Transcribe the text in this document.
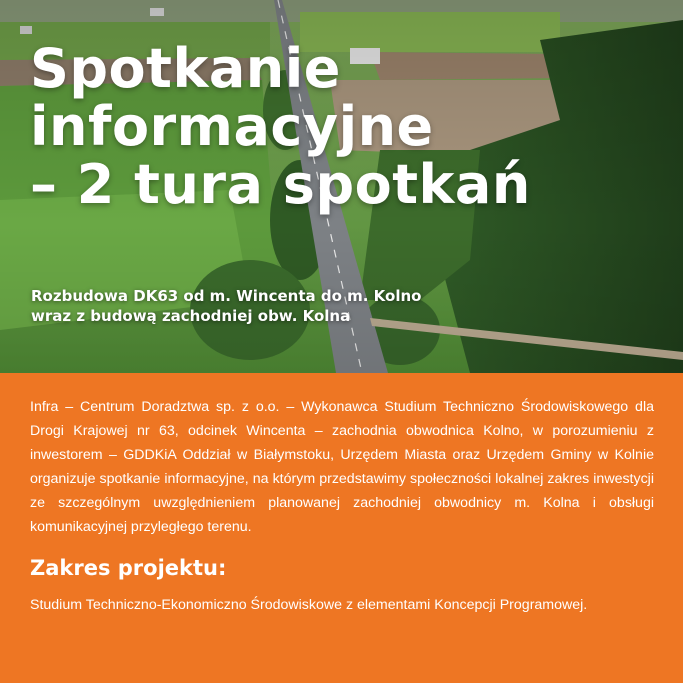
Spotkanie
informacyjne
– 2 tura spotkań

Rozbudowa DK63 od m. Wincenta do m. Kolno
wraz z budową zachodniej obw. Kolna

Infra – Centrum Doradztwa sp. z o.o. – Wykonawca Studium Techniczno Środowiskowego dla Drogi Krajowej nr 63, odcinek Wincenta – zachodnia obwodnica Kolno, w porozumieniu z inwestorem – GDDKiA Oddział w Białymstoku, Urzędem Miasta oraz Urzędem Gminy w Kolnie organizuje spotkanie informacyjne, na którym przedstawimy społeczności lokalnej zakres inwestycji ze szczególnym uwzględnieniem planowanej zachodniej obwodnicy m. Kolna i obsługi komunikacyjnej przyległego terenu.

Zakres projektu:

Studium Techniczno-Ekonomiczno Środowiskowe z elementami Koncepcji Programowej.
